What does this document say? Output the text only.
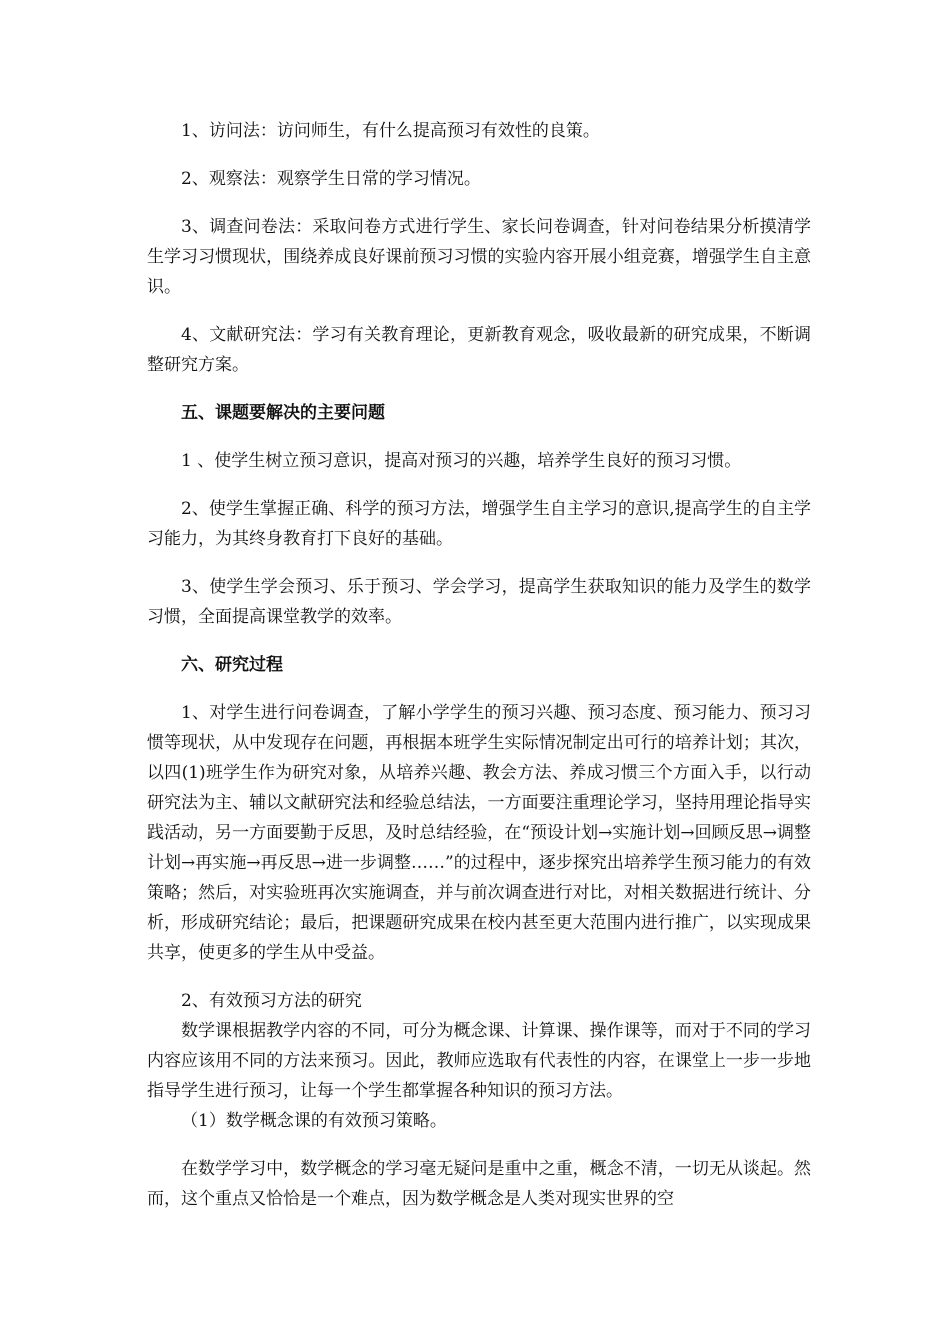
1、访问法：访问师生，有什么提高预习有效性的良策。

2、观察法：观察学生日常的学习情况。

3、调查问卷法：采取问卷方式进行学生、家长问卷调查，针对问卷结果分析摸清学生学习习惯现状，围绕养成良好课前预习习惯的实验内容开展小组竞赛，增强学生自主意识。

4、文献研究法：学习有关教育理论，更新教育观念，吸收最新的研究成果，不断调整研究方案。

五、课题要解决的主要问题

1 、使学生树立预习意识，提高对预习的兴趣，培养学生良好的预习习惯。

2、使学生掌握正确、科学的预习方法，增强学生自主学习的意识,提高学生的自主学习能力，为其终身教育打下良好的基础。

3、使学生学会预习、乐于预习、学会学习，提高学生获取知识的能力及学生的数学习惯，全面提高课堂教学的效率。

六、研究过程

1、对学生进行问卷调查，了解小学学生的预习兴趣、预习态度、预习能力、预习习惯等现状，从中发现存在问题，再根据本班学生实际情况制定出可行的培养计划；其次，以四(1)班学生作为研究对象，从培养兴趣、教会方法、养成习惯三个方面入手，以行动研究法为主、辅以文献研究法和经验总结法，一方面要注重理论学习，坚持用理论指导实践活动，另一方面要勤于反思，及时总结经验，在“预设计划→实施计划→回顾反思→调整计划→再实施→再反思→进一步调整……”的过程中，逐步探究出培养学生预习能力的有效策略；然后，对实验班再次实施调查，并与前次调查进行对比，对相关数据进行统计、分析，形成研究结论；最后，把课题研究成果在校内甚至更大范围内进行推广，以实现成果共享，使更多的学生从中受益。

2、有效预习方法的研究

数学课根据教学内容的不同，可分为概念课、计算课、操作课等，而对于不同的学习内容应该用不同的方法来预习。因此，教师应选取有代表性的内容，在课堂上一步一步地指导学生进行预习，让每一个学生都掌握各种知识的预习方法。

（1）数学概念课的有效预习策略。

在数学学习中，数学概念的学习毫无疑问是重中之重，概念不清，一切无从谈起。然而，这个重点又恰恰是一个难点，因为数学概念是人类对现实世界的空
